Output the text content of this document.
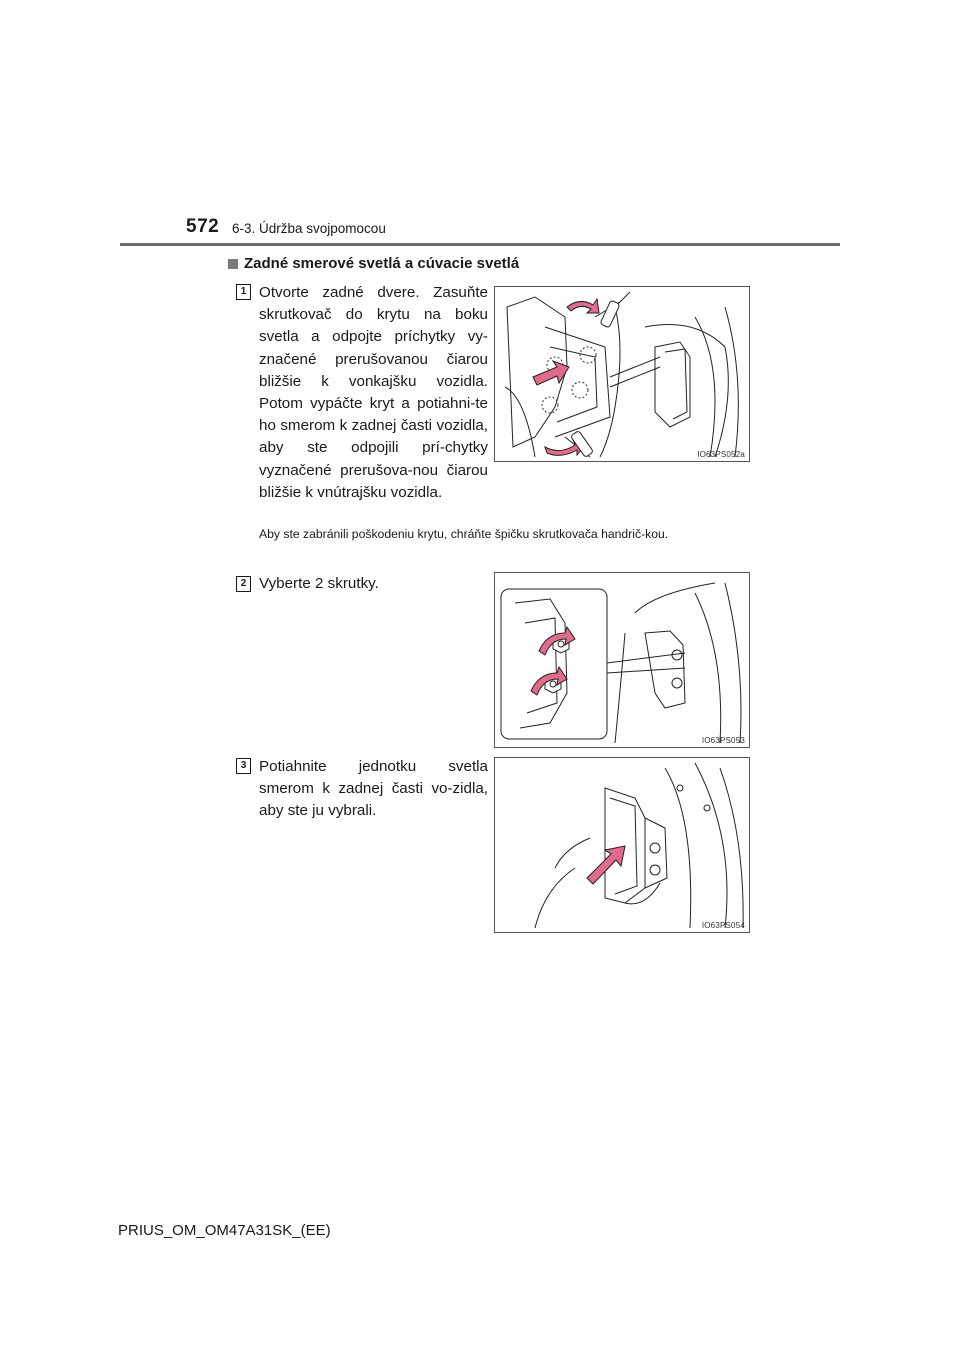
572 6-3. Údržba svojpomocou
Zadné smerové svetlá a cúvacie svetlá
1 Otvorte zadné dvere. Zasuňte skrutkovač do krytu na boku svetla a odpojte príchytky vy-značené prerušovanou čiarou bližšie k vonkajšku vozidla. Potom vypáčte kryt a potiahni-te ho smerom k zadnej časti vozidla, aby ste odpojili prí-chytky vyznačené prerušova-nou čiarou bližšie k vnútrajšku vozidla.
IO63PS052a
Aby ste zabránili poškodeniu krytu, chráňte špičku skrutkovača handrič-kou.
2 Vyberte 2 skrutky.
IO63PS053
3 Potiahnite jednotku svetla smerom k zadnej časti vo-zidla, aby ste ju vybrali.
IO63PS054
PRIUS_OM_OM47A31SK_(EE)
